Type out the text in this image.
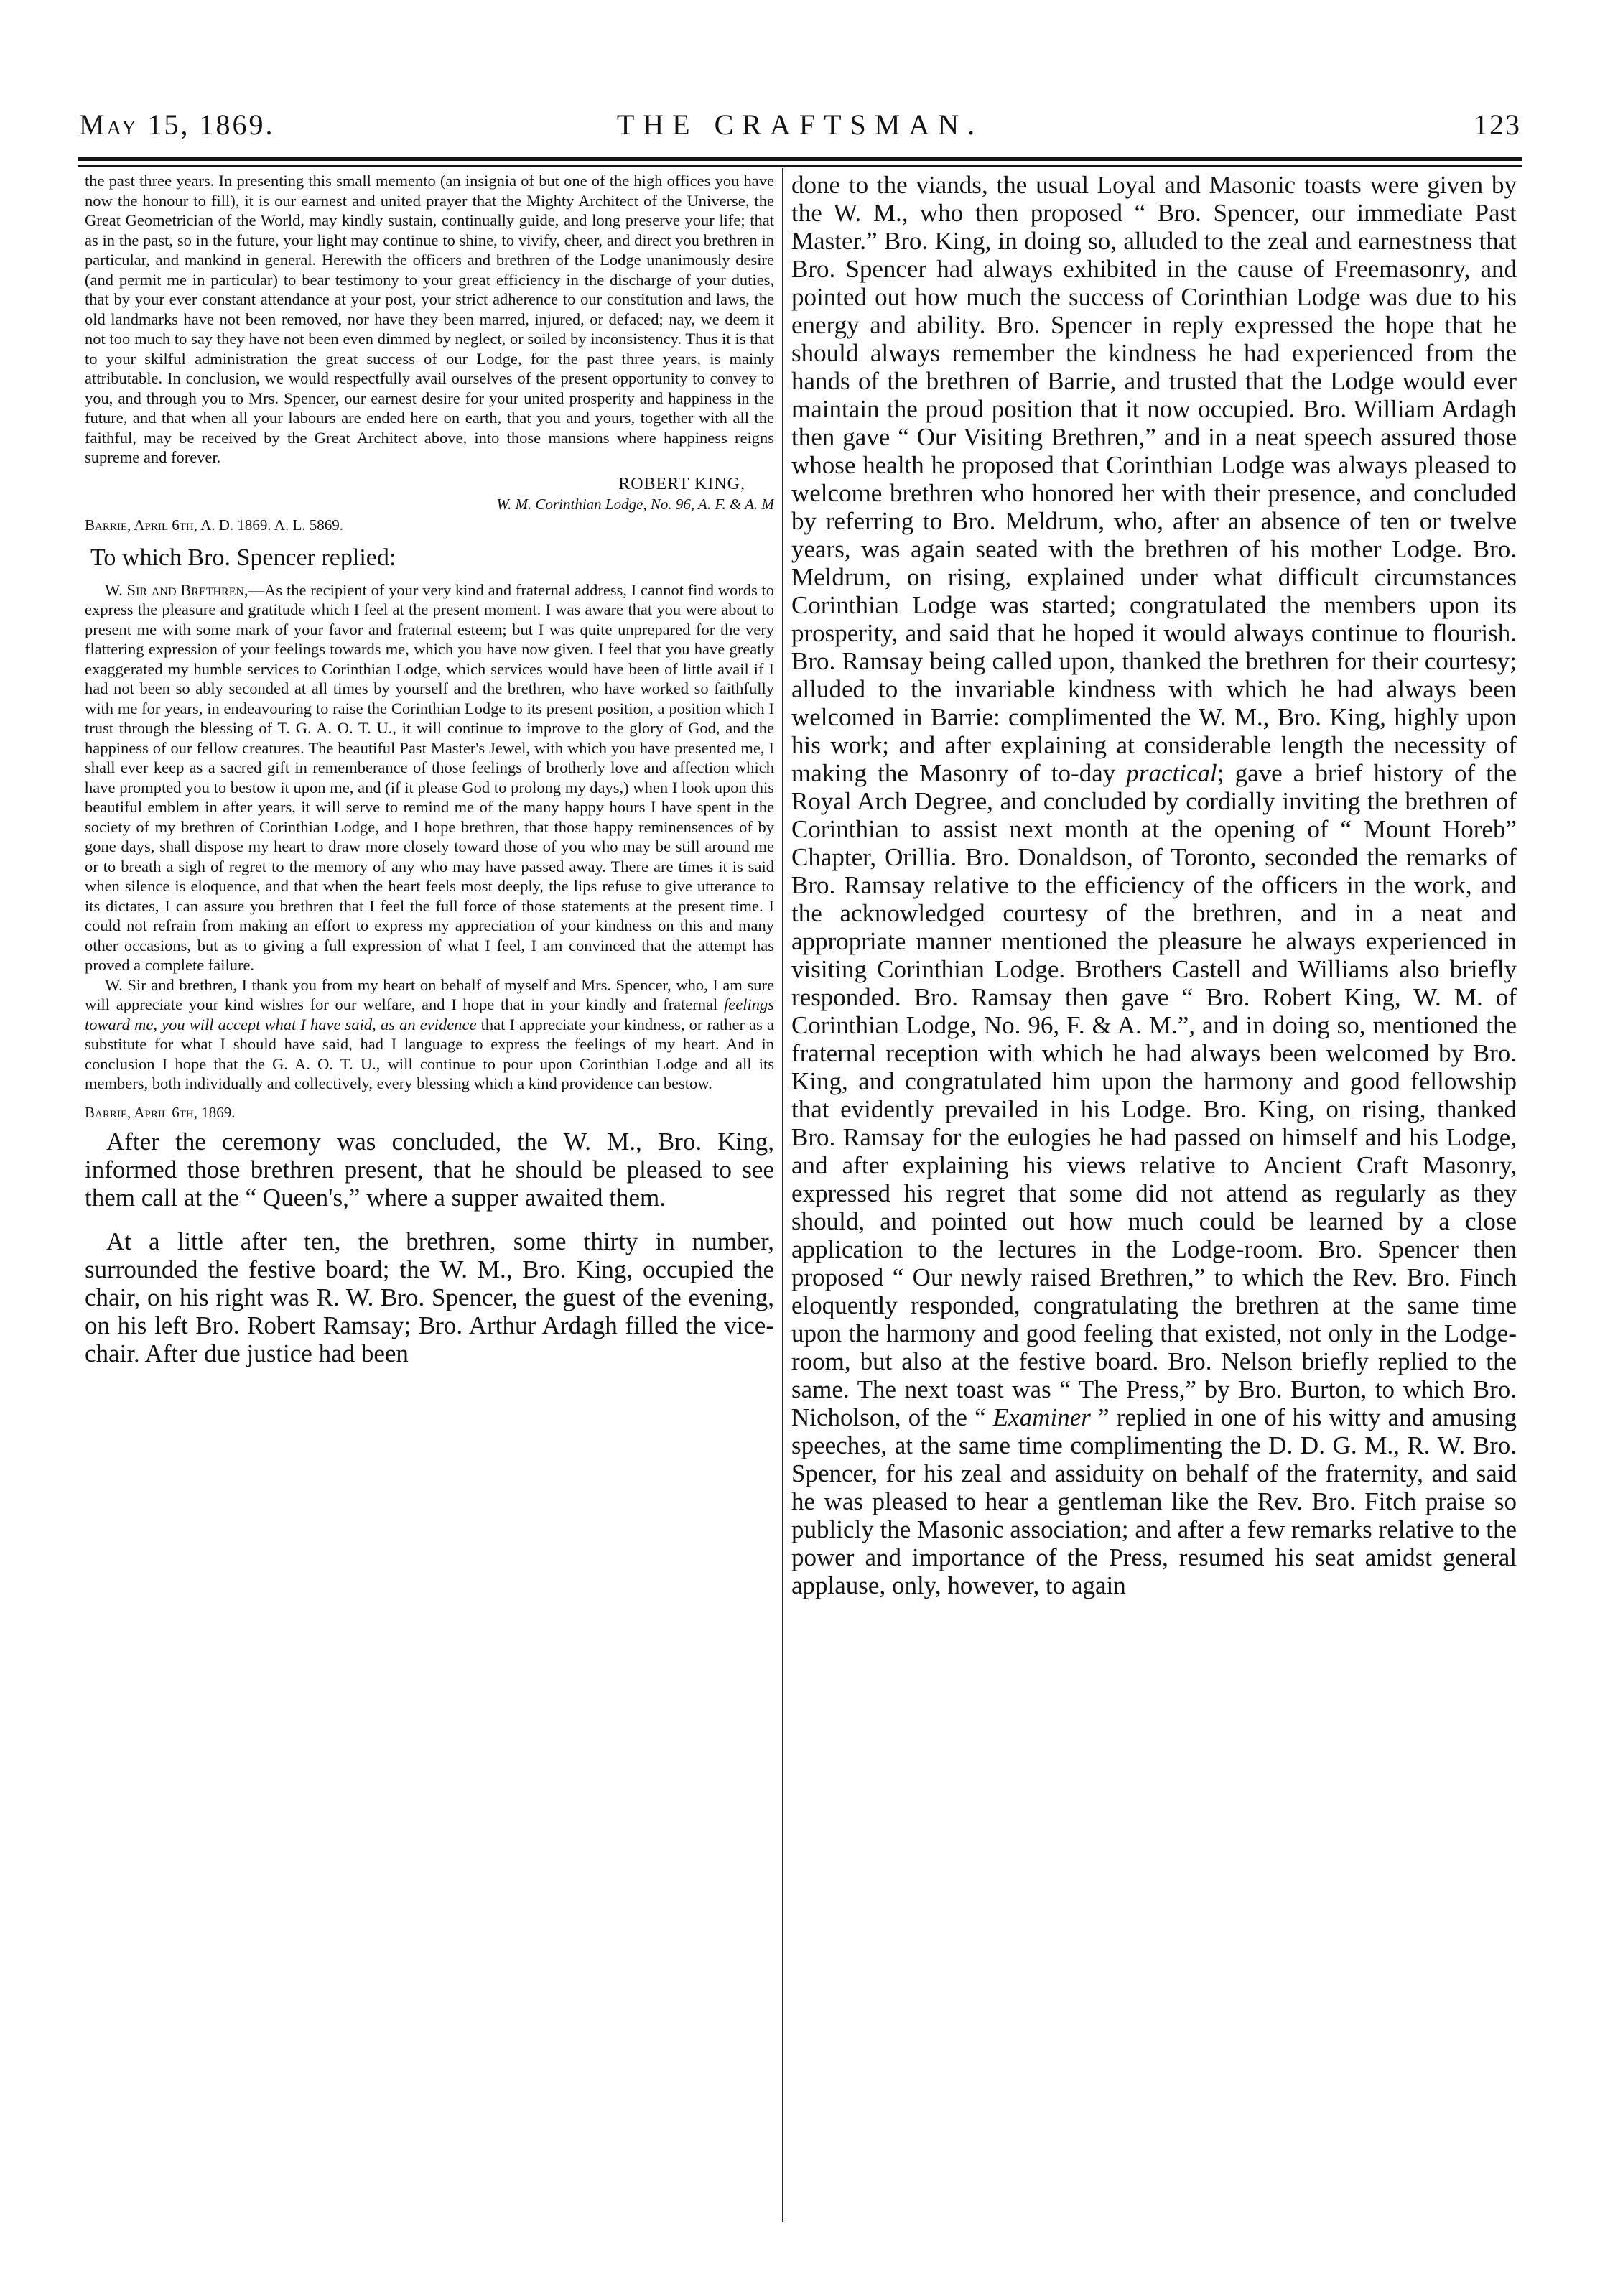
May 15, 1869.	THE CRAFTSMAN.	123

the past three years. In presenting this small memento (an insignia of but one of the high offices you have now the honour to fill), it is our earnest and united prayer that the Mighty Architect of the Universe, the Great Geometrician of the World, may kindly sustain, continually guide, and long preserve your life; that as in the past, so in the future, your light may continue to shine, to vivify, cheer, and direct you brethren in particular, and mankind in general. Herewith the officers and brethren of the Lodge unanimously desire (and permit me in particular) to bear testimony to your great efficiency in the discharge of your duties, that by your ever constant attendance at your post, your strict adherence to our constitution and laws, the old landmarks have not been removed, nor have they been marred, injured, or defaced; nay, we deem it not too much to say they have not been even dimmed by neglect, or soiled by inconsistency. Thus it is that to your skilful administration the great success of our Lodge, for the past three years, is mainly attributable. In conclusion, we would respectfully avail ourselves of the present opportunity to convey to you, and through you to Mrs. Spencer, our earnest desire for your united prosperity and happiness in the future, and that when all your labours are ended here on earth, that you and yours, together with all the faithful, may be received by the Great Architect above, into those mansions where happiness reigns supreme and forever.

ROBERT KING,
W. M. Corinthian Lodge, No. 96, A. F. & A. M
Barrie, April 6th, A. D. 1869. A. L. 5869.
To which Bro. Spencer replied:

W. Sir and Brethren,—As the recipient of your very kind and fraternal address, I cannot find words to express the pleasure and gratitude which I feel at the present moment. I was aware that you were about to present me with some mark of your favor and fraternal esteem; but I was quite unprepared for the very flattering expression of your feelings towards me, which you have now given. I feel that you have greatly exaggerated my humble services to Corinthian Lodge, which services would have been of little avail if I had not been so ably seconded at all times by yourself and the brethren, who have worked so faithfully with me for years, in endeavouring to raise the Corinthian Lodge to its present position, a position which I trust through the blessing of T. G. A. O. T. U., it will continue to improve to the glory of God, and the happiness of our fellow creatures. The beautiful Past Master's Jewel, with which you have presented me, I shall ever keep as a sacred gift in rememberance of those feelings of brotherly love and affection which have prompted you to bestow it upon me, and (if it please God to prolong my days,) when I look upon this beautiful emblem in after years, it will serve to remind me of the many happy hours I have spent in the society of my brethren of Corinthian Lodge, and I hope brethren, that those happy reminensences of by gone days, shall dispose my heart to draw more closely toward those of you who may be still around me or to breath a sigh of regret to the memory of any who may have passed away. There are times it is said when silence is eloquence, and that when the heart feels most deeply, the lips refuse to give utterance to its dictates, I can assure you brethren that I feel the full force of those statements at the present time. I could not refrain from making an effort to express my appreciation of your kindness on this and many other occasions, but as to giving a full expression of what I feel, I am convinced that the attempt has proved a complete failure.

W. Sir and brethren, I thank you from my heart on behalf of myself and Mrs. Spencer, who, I am sure will appreciate your kind wishes for our welfare, and I hope that in your kindly and fraternal feelings toward me, you will accept what I have said, as an evidence that I appreciate your kindness, or rather as a substitute for what I should have said, had I language to express the feelings of my heart. And in conclusion I hope that the G. A. O. T. U., will continue to pour upon Corinthian Lodge and all its members, both individually and collectively, every blessing which a kind providence can bestow.

Barrie, April 6th, 1869.

After the ceremony was concluded, the W. M., Bro. King, informed those brethren present, that he should be pleased to see them call at the “ Queen's,” where a supper awaited them.

At a little after ten, the brethren, some thirty in number, surrounded the festive board; the W. M., Bro. King, occupied the chair, on his right was R. W. Bro. Spencer, the guest of the evening, on his left Bro. Robert Ramsay; Bro. Arthur Ardagh filled the vice-chair. After due justice had been

done to the viands, the usual Loyal and Masonic toasts were given by the W. M., who then proposed “ Bro. Spencer, our immediate Past Master.” Bro. King, in doing so, alluded to the zeal and earnestness that Bro. Spencer had always exhibited in the cause of Freemasonry, and pointed out how much the success of Corinthian Lodge was due to his energy and ability. Bro. Spencer in reply expressed the hope that he should always remember the kindness he had experienced from the hands of the brethren of Barrie, and trusted that the Lodge would ever maintain the proud position that it now occupied. Bro. William Ardagh then gave “ Our Visiting Brethren,” and in a neat speech assured those whose health he proposed that Corinthian Lodge was always pleased to welcome brethren who honored her with their presence, and concluded by referring to Bro. Meldrum, who, after an absence of ten or twelve years, was again seated with the brethren of his mother Lodge. Bro. Meldrum, on rising, explained under what difficult circumstances Corinthian Lodge was started; congratulated the members upon its prosperity, and said that he hoped it would always continue to flourish. Bro. Ramsay being called upon, thanked the brethren for their courtesy; alluded to the invariable kindness with which he had always been welcomed in Barrie: complimented the W. M., Bro. King, highly upon his work; and after explaining at considerable length the necessity of making the Masonry of to-day practical; gave a brief history of the Royal Arch Degree, and concluded by cordially inviting the brethren of Corinthian to assist next month at the opening of “ Mount Horeb” Chapter, Orillia. Bro. Donaldson, of Toronto, seconded the remarks of Bro. Ramsay relative to the efficiency of the officers in the work, and the acknowledged courtesy of the brethren, and in a neat and appropriate manner mentioned the pleasure he always experienced in visiting Corinthian Lodge. Brothers Castell and Williams also briefly responded. Bro. Ramsay then gave “ Bro. Robert King, W. M. of Corinthian Lodge, No. 96, F. & A. M.”, and in doing so, mentioned the fraternal reception with which he had always been welcomed by Bro. King, and congratulated him upon the harmony and good fellowship that evidently prevailed in his Lodge. Bro. King, on rising, thanked Bro. Ramsay for the eulogies he had passed on himself and his Lodge, and after explaining his views relative to Ancient Craft Masonry, expressed his regret that some did not attend as regularly as they should, and pointed out how much could be learned by a close application to the lectures in the Lodge-room. Bro. Spencer then proposed “ Our newly raised Brethren,” to which the Rev. Bro. Finch eloquently responded, congratulating the brethren at the same time upon the harmony and good feeling that existed, not only in the Lodge-room, but also at the festive board. Bro. Nelson briefly replied to the same. The next toast was “ The Press,” by Bro. Burton, to which Bro. Nicholson, of the “ Examiner ” replied in one of his witty and amusing speeches, at the same time complimenting the D. D. G. M., R. W. Bro. Spencer, for his zeal and assiduity on behalf of the fraternity, and said he was pleased to hear a gentleman like the Rev. Bro. Fitch praise so publicly the Masonic association; and after a few remarks relative to the power and importance of the Press, resumed his seat amidst general applause, only, however, to again
